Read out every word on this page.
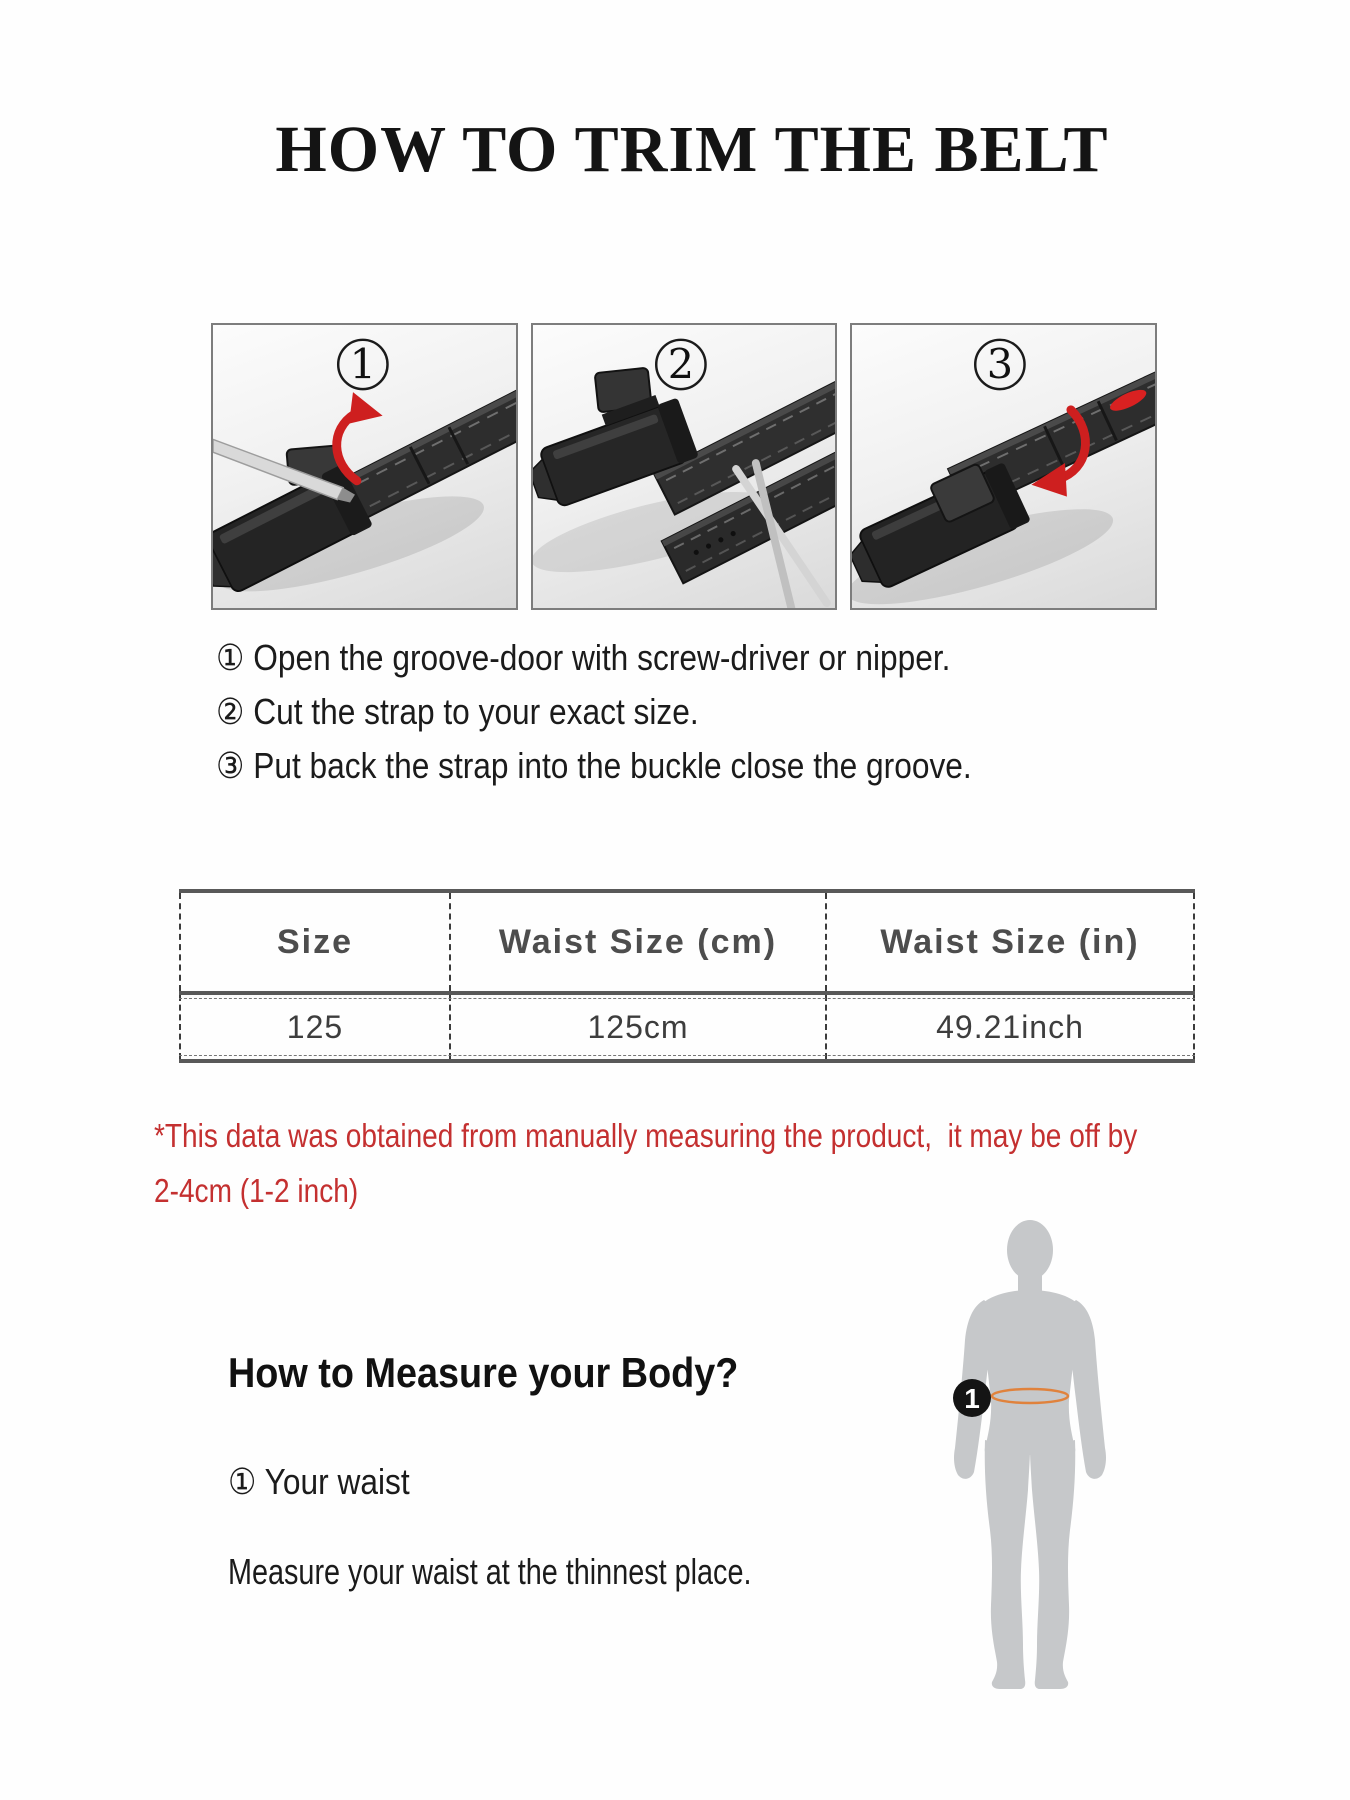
HOW TO TRIM THE BELT
1	2	3

① Open the groove-door with screw-driver or nipper.

② Cut the strap to your exact size.

③ Put back the strap into the buckle close the groove.

Size	Waist Size (cm)	Waist Size (in)
125	125cm	49.21inch

*This data was obtained from manually measuring the product,  it may be off by

2-4cm (1-2 inch)

How to Measure your Body?

① Your waist

Measure your waist at the thinnest place.

1
